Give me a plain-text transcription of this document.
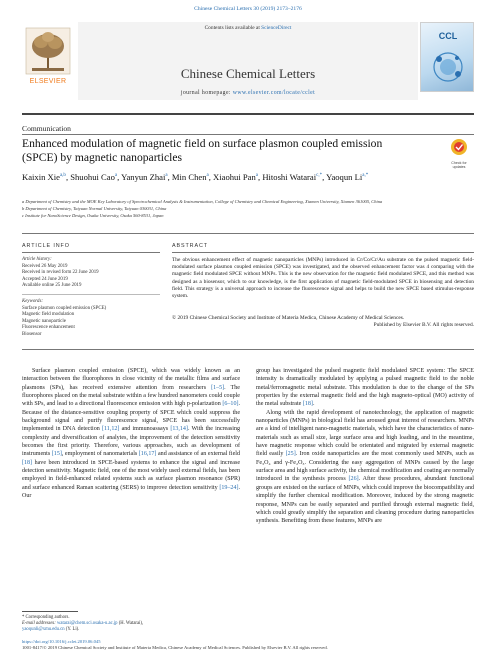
Chinese Chemical Letters 30 (2019) 2173–2176
ELSEVIER
Contents lists available at ScienceDirect
Chinese Chemical Letters
journal homepage: www.elsevier.com/locate/cclet
CCL
Communication
Enhanced modulation of magnetic field on surface plasmon coupled emission (SPCE) by magnetic nanoparticles	Check for
updates
Kaixin Xie$^{a,b}$, Shuohui Cao$^a$, Yanyun Zhai$^a$, Min Chen$^a$, Xiaohui Pan$^a$, Hitoshi Watarai$^{c,*}$, Yaoqun $Li^{a,*}$
a Department of Chemistry and the MOE Key Laboratory of Spectrochemical Analysis & Instrumentation, College of Chemistry and Chemical Engineering, Xiamen University, Xiamen 361005, China
b Department of Chemistry, Taiyuan Normal University, Taiyuan 030031, China
c Institute for NanoScience Design, Osaka University, Osaka 560-8531, Japan
ARTICLE INFO	ABSTRACT
Article history:
Received 26 May 2019
Received in revised form 22 June 2019
Accepted 24 June 2019
Available online 25 June 2019
Keywords:
Surface plasmon coupled emission (SPCE)
Magnetic field modulation
Magnetic nanoparticle
Fluorescence enhancement
Biosensor
The obvious enhancement effect of magnetic nanoparticles (MNPs) introduced in Cr/Co/Cr/Au substrate on the pulsed magnetic field-modulated surface plasmon coupled emission (SPCE) was investigated, and the observed enhancement factor was 4 comparing with the magnetic field modulated SPCE without MNPs. This is the new observation for the magnetic field modulated SPCE, and this method was designed as a biosensor, which to our knowledge, is the first application of magnetic field-modulated SPCE in biosensing and detection field. This strategy is a universal approach to increase the fluorescence signal and helps to build the new SPCE based stimulus-response system.
© 2019 Chinese Chemical Society and Institute of Materia Medica, Chinese Academy of Medical Sciences.
Published by Elsevier B.V. All rights reserved.

Surface plasmon coupled emission (SPCE), which was widely known as an interaction between the fluorophores in close vicinity of the metallic films and surface plasmons (SPs), has received extensive attention from researchers [1–5]. The fluorophores placed on the metal substrate within a few hundred nanometers could couple with SPs, and lead to a directional fluorescence emission with high p-polarization [6–10]. Because of the distance-sensitive coupling property of SPCE which could suppress the background signal and purify fluorescence signal, SPCE has been successfully implemented in DNA detection [11,12] and immunoassays [13,14]. With the increasing complexity and diversification of analytes, the improvement of the detection sensitivity becomes the first priority. Therefore, various approaches, such as development of instruments [15], employment of nanomaterials [16,17] and assistance of an external field [18] have been introduced in SPCE-based systems to enhance the signal and increase detection sensitivity. Magnetic field, one of the most widely used external fields, has been employed in field-enhanced related systems such as surface plasmon resonance (SPR) and surface enhanced Raman scattering (SERS) to improve detection sensitivity [19–24]. Our

group has investigated the pulsed magnetic field modulated SPCE system: The SPCE intensity is dramatically modulated by applying a pulsed magnetic field to the noble metal/ferromagnetic metal substrate. This modulation is due to the change of the SPs properties by the external magnetic field and the high magneto-optical (MO) activity of the metal substrate [18].

Along with the rapid development of nanotechnology, the application of magnetic nanoparticles (MNPs) in biological field has aroused great interest of researchers. MNPs are a kind of intelligent nano-magnetic materials, which have the characteristics of nano-materials such as small size, large surface area and high loading, and in the meantime, have magnetic response which could be orientated and migrated by external magnetic field easily [25]. Iron oxide nanoparticles are the most commonly used MNPs, such as Fe₃O₄ and γ-Fe₂O₃. Considering the easy aggregation of MNPs caused by the large surface area and high surface activity, the chemical modification and coating are normally introduced in the synthesis process [26]. After these procedures, abundant functional groups are existed on the surface of MNPs, which could improve the biocompatibility and simplify the further chemical modification. Moreover, induced by the strong magnetic response, MNPs can be easily separated and purified through external magnetic field, which could greatly simplify the separation and cleaning procedure during nanoparticles synthesis. Benefiting from these features, MNPs are

* Corresponding authors.
E-mail addresses: watarai@chem.sci.osaka-u.ac.jp (H. Watarai),
yaoqunli@xmu.edu.cn (Y. Li).
https://doi.org/10.1016/j.cclet.2019.06.045
1001-8417/© 2019 Chinese Chemical Society and Institute of Materia Medica, Chinese Academy of Medical Sciences. Published by Elsevier B.V. All rights reserved.
